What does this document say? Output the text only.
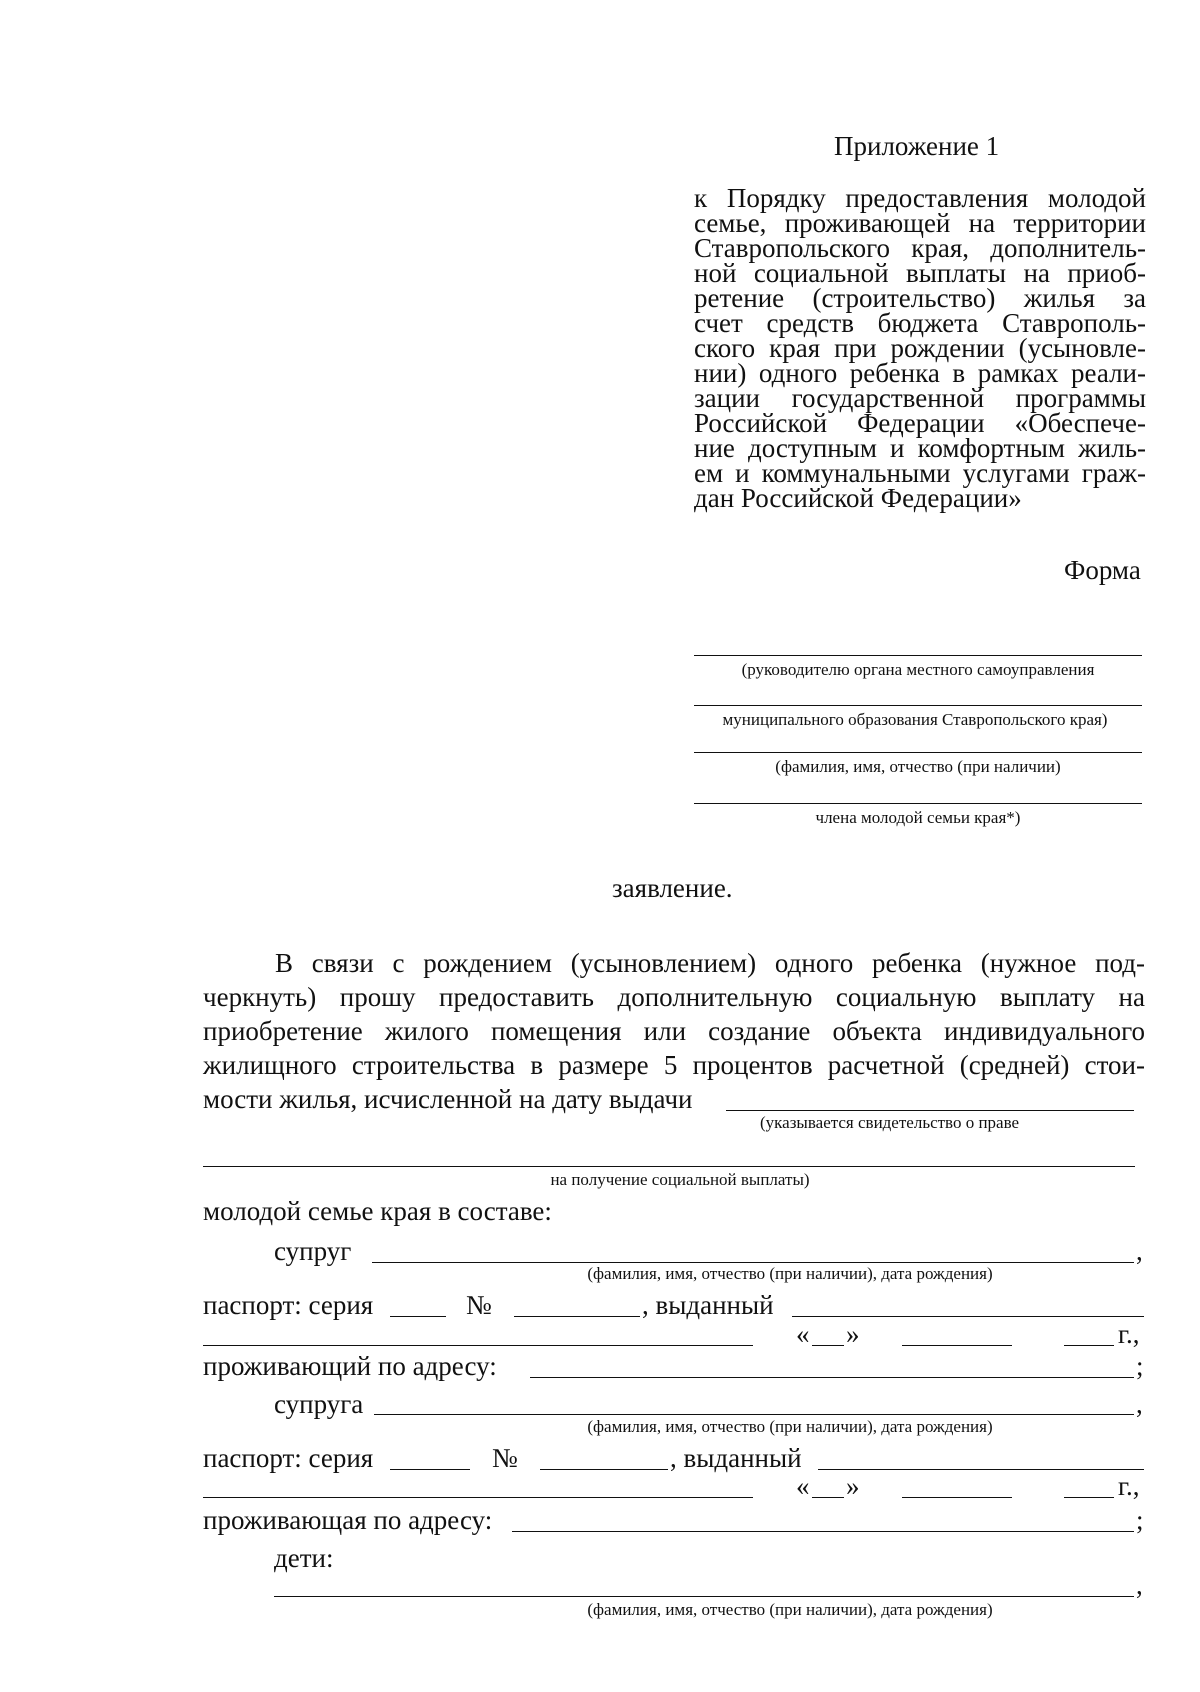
Приложение 1
к Порядку предоставления молодой
семье, проживающей на территории
Ставропольского края, дополнитель-
ной социальной выплаты на приоб-
ретение (строительство) жилья за
счет средств бюджета Ставрополь-
ского края при рождении (усыновле-
нии) одного ребенка в рамках реали-
зации государственной программы
Российской Федерации «Обеспече-
ние доступным и комфортным жиль-
ем и коммунальными услугами граж-
дан Российской Федерации»
Форма
(руководителю органа местного самоуправления
муниципального образования Ставропольского края)
(фамилия, имя, отчество (при наличии)
члена молодой семьи края*)
заявление.
В связи с рождением (усыновлением) одного ребенка (нужное под-
черкнуть) прошу предоставить дополнительную социальную выплату на
приобретение жилого помещения или создание объекта индивидуального
жилищного строительства в размере 5 процентов расчетной (средней) стои-
мости жилья, исчисленной на дату выдачи
(указывается свидетельство о праве
на получение социальной выплаты)
молодой семье края в составе:
супруг	,
(фамилия, имя, отчество (при наличии), дата рождения)
паспорт: серия	№	, выданный
« »	г.,
проживающий по адресу:	;
супруга	,
(фамилия, имя, отчество (при наличии), дата рождения)
паспорт: серия	№	, выданный
« »	г.,
проживающая по адресу:	;
дети:
,
(фамилия, имя, отчество (при наличии), дата рождения)
